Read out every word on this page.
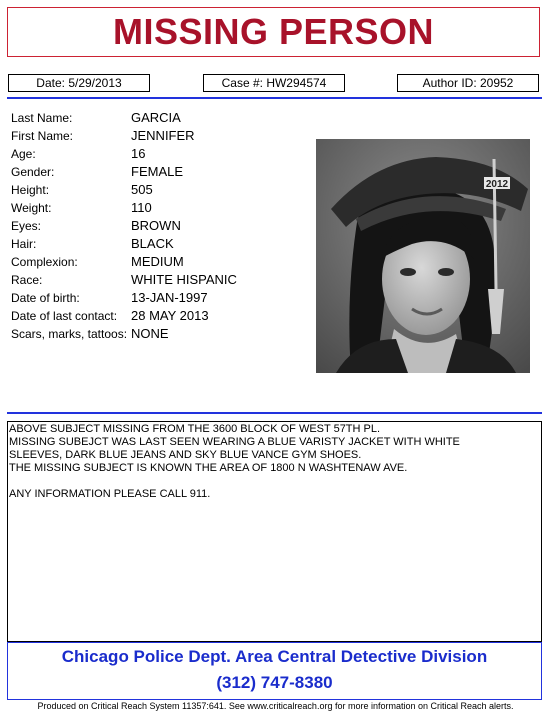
MISSING PERSON
Date: 5/29/2013	Case #: HW294574	Author ID: 20952
Last Name:	GARCIA
First Name:	JENNIFER
Age:	16
Gender:	FEMALE
Height:	505
Weight:	110
Eyes:	BROWN
Hair:	BLACK
Complexion:	MEDIUM
Race:	WHITE HISPANIC
Date of birth:	13-JAN-1997
Date of last contact: 28 MAY 2013
Scars, marks, tattoos: NONE
2012
ABOVE SUBJECT MISSING FROM THE 3600 BLOCK OF WEST 57TH PL.
MISSING SUBEJCT WAS LAST SEEN WEARING A BLUE VARISTY JACKET WITH WHITE
SLEEVES, DARK BLUE JEANS AND SKY BLUE VANCE GYM SHOES.
THE MISSING SUBJECT IS KNOWN THE AREA OF 1800 N WASHTENAW AVE.
ANY INFORMATION PLEASE CALL 911.
Chicago Police Dept. Area Central Detective Division
(312) 747-8380
Produced on Critical Reach System 11357:641. See www.criticalreach.org for more information on Critical Reach alerts.
